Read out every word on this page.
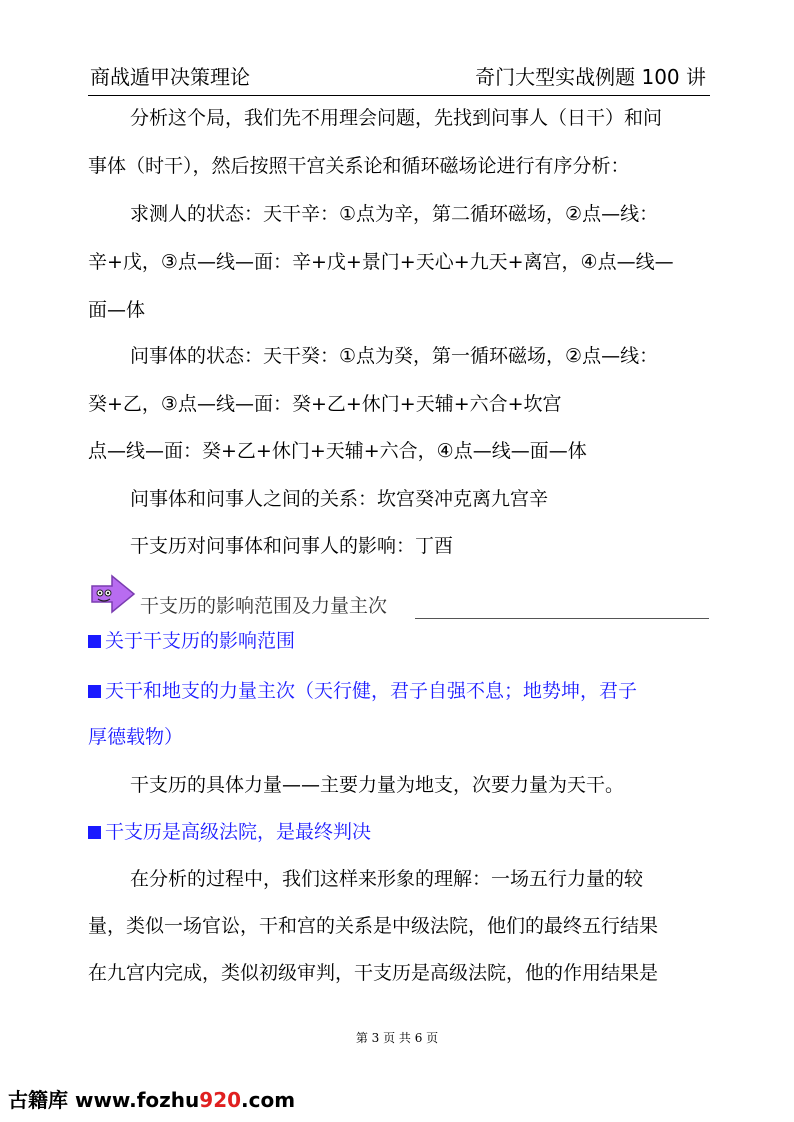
商战遁甲决策理论	奇门大型实战例题 100 讲
分析这个局，我们先不用理会问题，先找到问事人（日干）和问
事体（时干），然后按照干宫关系论和循环磁场论进行有序分析：
求测人的状态：天干辛：①点为辛，第二循环磁场，②点—线：
辛+戊，③点—线—面：辛+戊+景门+天心+九天+离宫，④点—线—
面—体
问事体的状态：天干癸：①点为癸，第一循环磁场，②点—线：
癸+乙，③点—线—面：癸+乙+休门+天辅+六合+坎宫
点—线—面：癸+乙+休门+天辅+六合，④点—线—面—体
问事体和问事人之间的关系：坎宫癸冲克离九宫辛
干支历对问事体和问事人的影响：丁酉
干支历的影响范围及力量主次
关于干支历的影响范围
天干和地支的力量主次（天行健，君子自强不息；地势坤，君子
厚德载物）
干支历的具体力量——主要力量为地支，次要力量为天干。
干支历是高级法院，是最终判决
在分析的过程中，我们这样来形象的理解：一场五行力量的较
量，类似一场官讼，干和宫的关系是中级法院，他们的最终五行结果
在九宫内完成，类似初级审判，干支历是高级法院，他的作用结果是
第 3 页 共 6 页
古籍库 www.fozhu920.com
